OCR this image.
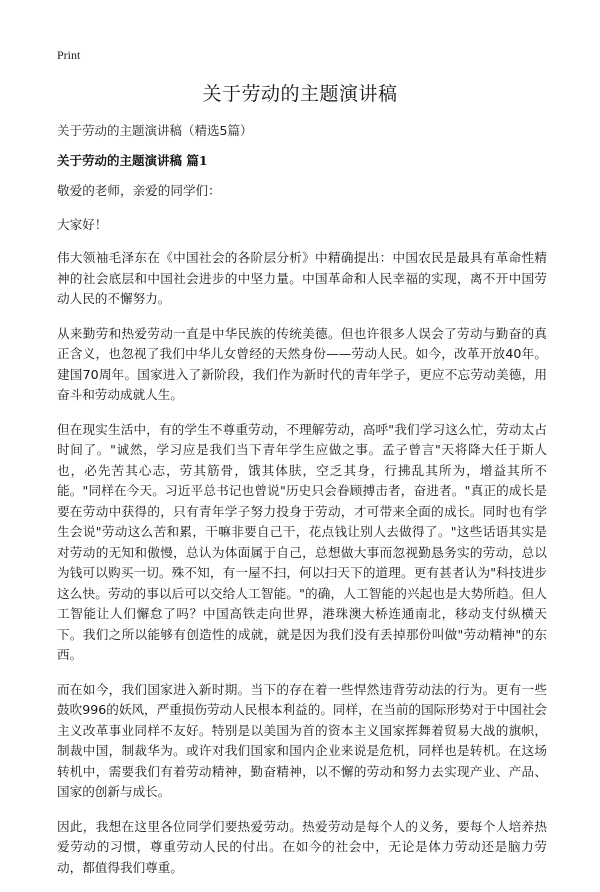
Print
关于劳动的主题演讲稿
关于劳动的主题演讲稿（精选5篇）
关于劳动的主题演讲稿 篇1

敬爱的老师，亲爱的同学们：

大家好！

伟大领袖毛泽东在《中国社会的各阶层分析》中精确提出：中国农民是最具有革命性精神的社会底层和中国社会进步的中坚力量。中国革命和人民幸福的实现，离不开中国劳动人民的不懈努力。

从来勤劳和热爱劳动一直是中华民族的传统美德。但也许很多人误会了劳动与勤奋的真正含义，也忽视了我们中华儿女曾经的天然身份——劳动人民。如今，改革开放40年。建国70周年。国家进入了新阶段，我们作为新时代的青年学子，更应不忘劳动美德，用奋斗和劳动成就人生。

但在现实生活中，有的学生不尊重劳动，不理解劳动，高呼"我们学习这么忙，劳动太占时间了。"诚然，学习应是我们当下青年学生应做之事。孟子曾言"天将降大任于斯人也，必先苦其心志，劳其筋骨，饿其体肤，空乏其身，行拂乱其所为，增益其所不能。"同样在今天。习近平总书记也曾说"历史只会眷顾搏击者，奋进者。"真正的成长是要在劳动中获得的，只有青年学子努力投身于劳动，才可带来全面的成长。同时也有学生会说"劳动这么苦和累，干嘛非要自己干，花点钱让别人去做得了。"这些话语其实是对劳动的无知和傲慢，总认为体面属于自己，总想做大事而忽视勤恳务实的劳动，总以为钱可以购买一切。殊不知，有一屋不扫，何以扫天下的道理。更有甚者认为"科技进步这么快。劳动的事以后可以交给人工智能。"的确，人工智能的兴起也是大势所趋。但人工智能让人们懈怠了吗？中国高铁走向世界，港珠澳大桥连通南北，移动支付纵横天下。我们之所以能够有创造性的成就，就是因为我们没有丢掉那份叫做"劳动精神"的东西。

而在如今，我们国家进入新时期。当下的存在着一些悍然违背劳动法的行为。更有一些鼓吹996的妖风，严重损伤劳动人民根本利益的。同样，在当前的国际形势对于中国社会主义改革事业同样不友好。特别是以美国为首的资本主义国家挥舞着贸易大战的旗帜，制裁中国，制裁华为。或许对我们国家和国内企业来说是危机，同样也是转机。在这场转机中，需要我们有着劳动精神，勤奋精神，以不懈的劳动和努力去实现产业、产品、国家的创新与成长。

因此，我想在这里各位同学们要热爱劳动。热爱劳动是每个人的义务，要每个人培养热爱劳动的习惯，尊重劳动人民的付出。在如今的社会中，无论是体力劳动还是脑力劳动，都值得我们尊重。
